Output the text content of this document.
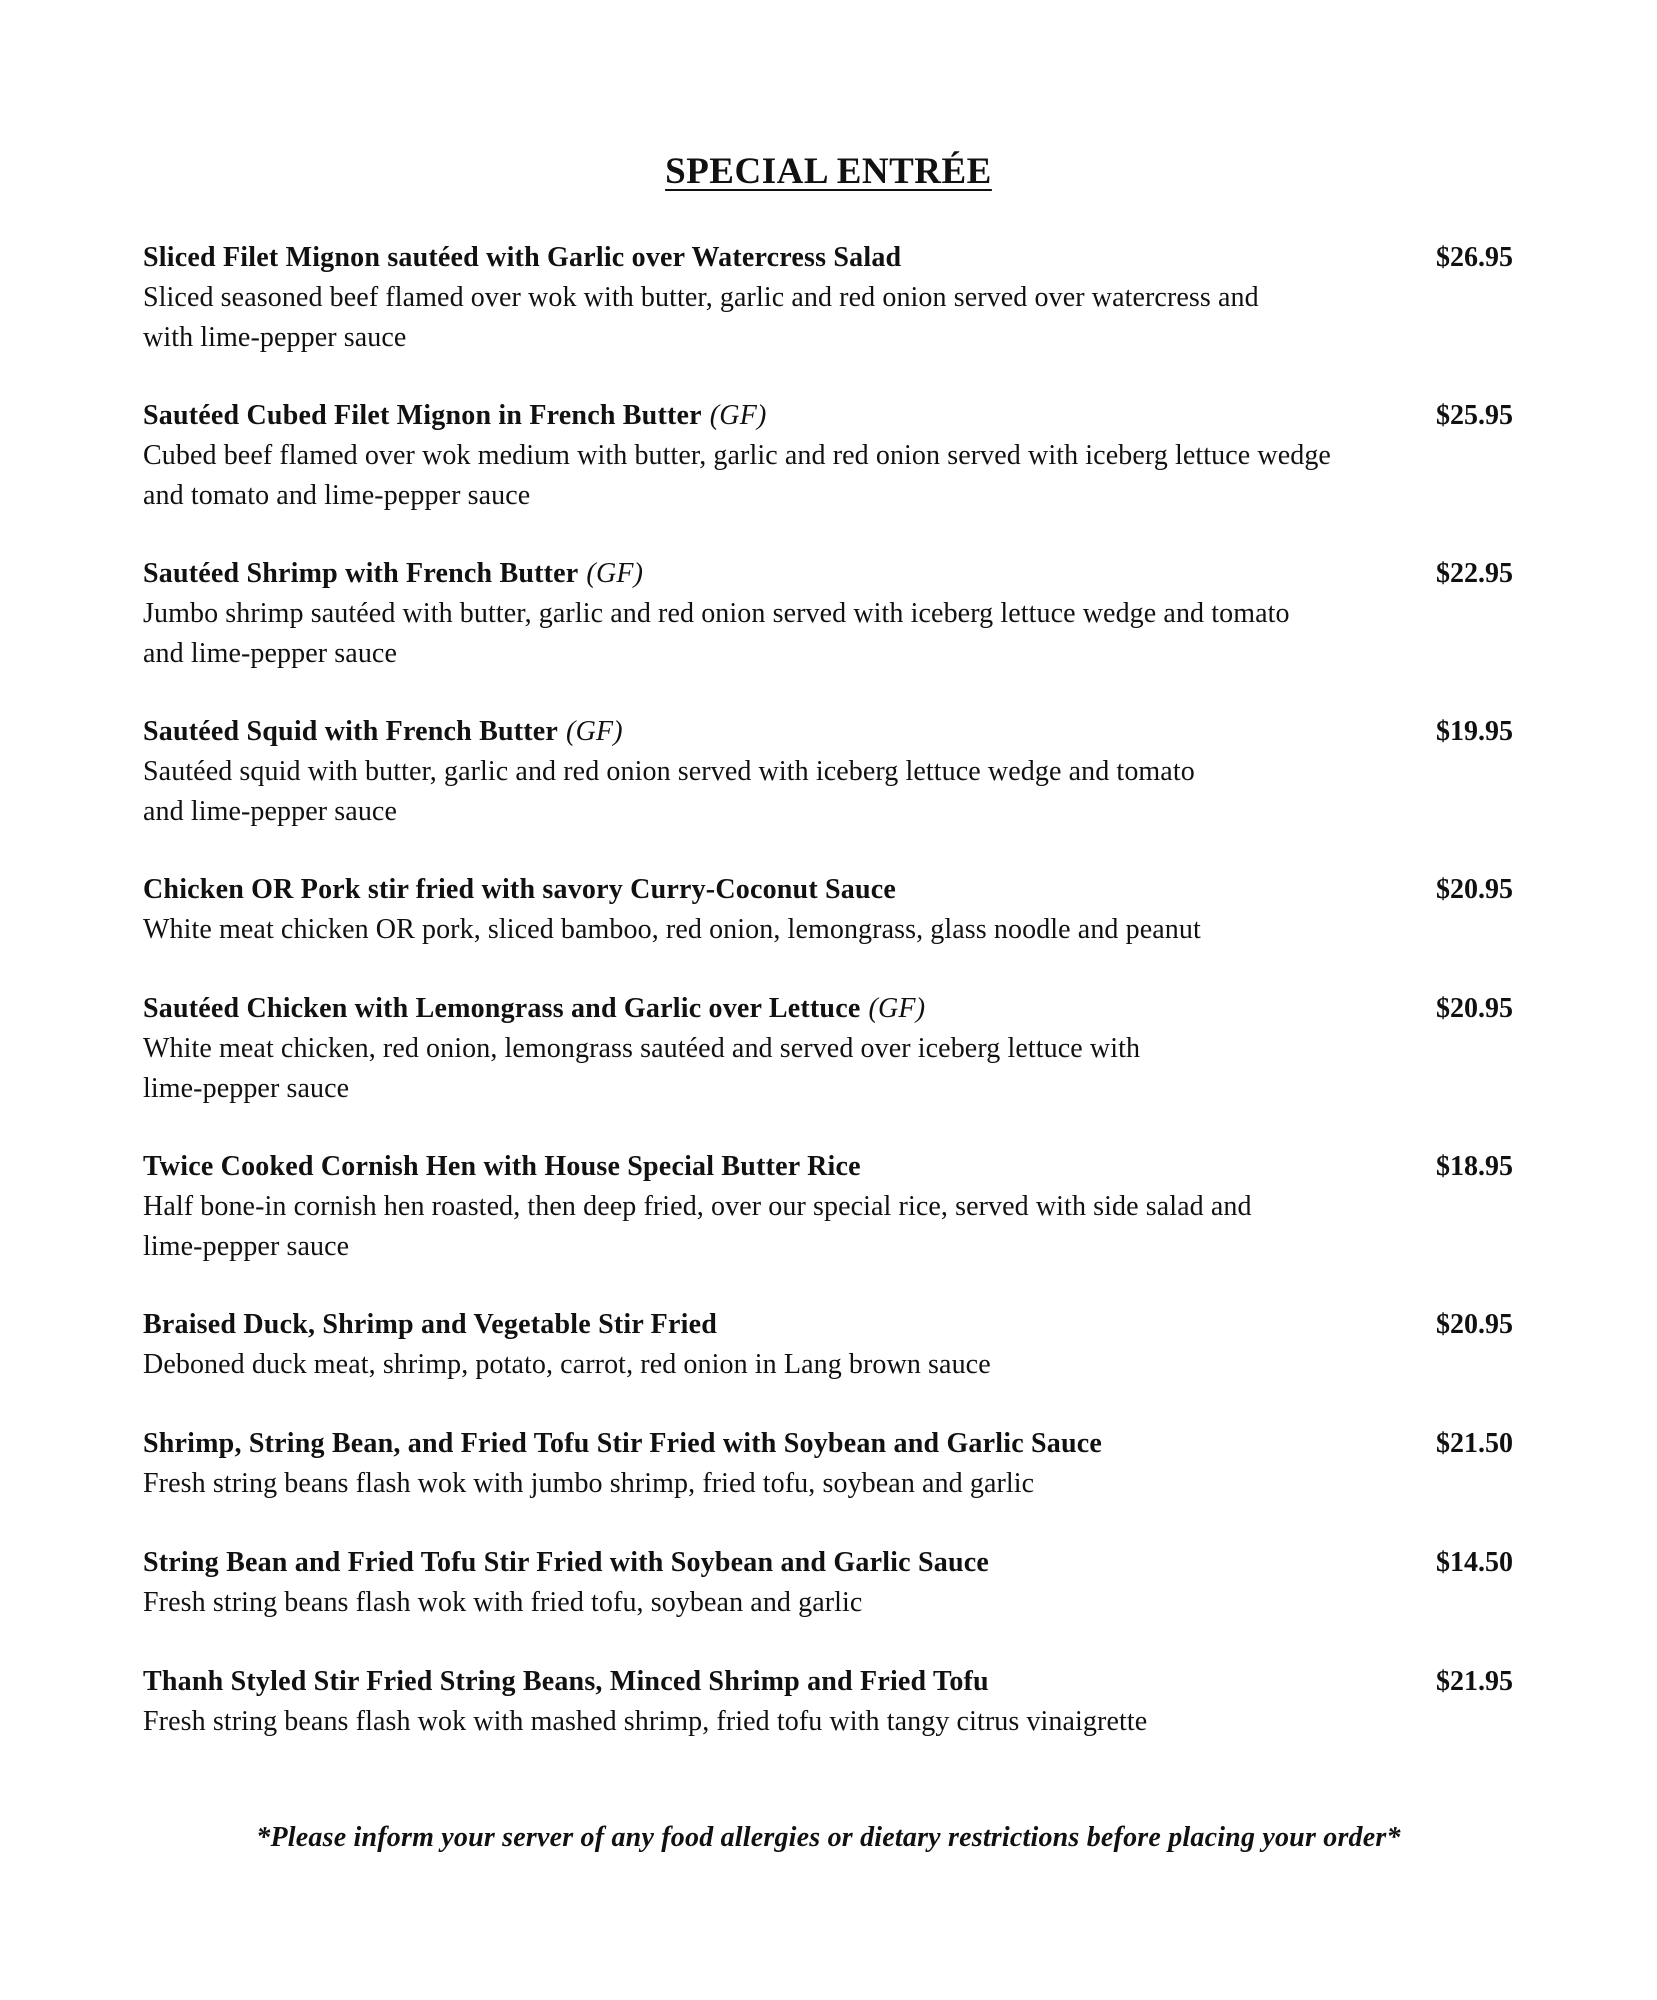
SPECIAL ENTRÉE
Sliced Filet Mignon sautéed with Garlic over Watercress Salad	$26.95
Sliced seasoned beef flamed over wok with butter, garlic and red onion served over watercress and
with lime-pepper sauce
Sautéed Cubed Filet Mignon in French Butter (GF)	$25.95
Cubed beef flamed over wok medium with butter, garlic and red onion served with iceberg lettuce wedge
and tomato and lime-pepper sauce
Sautéed Shrimp with French Butter (GF)	$22.95
Jumbo shrimp sautéed with butter, garlic and red onion served with iceberg lettuce wedge and tomato
and lime-pepper sauce
Sautéed Squid with French Butter (GF)	$19.95
Sautéed squid with butter, garlic and red onion served with iceberg lettuce wedge and tomato
and lime-pepper sauce
Chicken OR Pork stir fried with savory Curry-Coconut Sauce	$20.95
White meat chicken OR pork, sliced bamboo, red onion, lemongrass, glass noodle and peanut
Sautéed Chicken with Lemongrass and Garlic over Lettuce (GF)	$20.95
White meat chicken, red onion, lemongrass sautéed and served over iceberg lettuce with
lime-pepper sauce
Twice Cooked Cornish Hen with House Special Butter Rice	$18.95
Half bone-in cornish hen roasted, then deep fried, over our special rice, served with side salad and
lime-pepper sauce
Braised Duck, Shrimp and Vegetable Stir Fried	$20.95
Deboned duck meat, shrimp, potato, carrot, red onion in Lang brown sauce
Shrimp, String Bean, and Fried Tofu Stir Fried with Soybean and Garlic Sauce	$21.50
Fresh string beans flash wok with jumbo shrimp, fried tofu, soybean and garlic
String Bean and Fried Tofu Stir Fried with Soybean and Garlic Sauce	$14.50
Fresh string beans flash wok with fried tofu, soybean and garlic
Thanh Styled Stir Fried String Beans, Minced Shrimp and Fried Tofu	$21.95
Fresh string beans flash wok with mashed shrimp, fried tofu with tangy citrus vinaigrette
*Please inform your server of any food allergies or dietary restrictions before placing your order*
